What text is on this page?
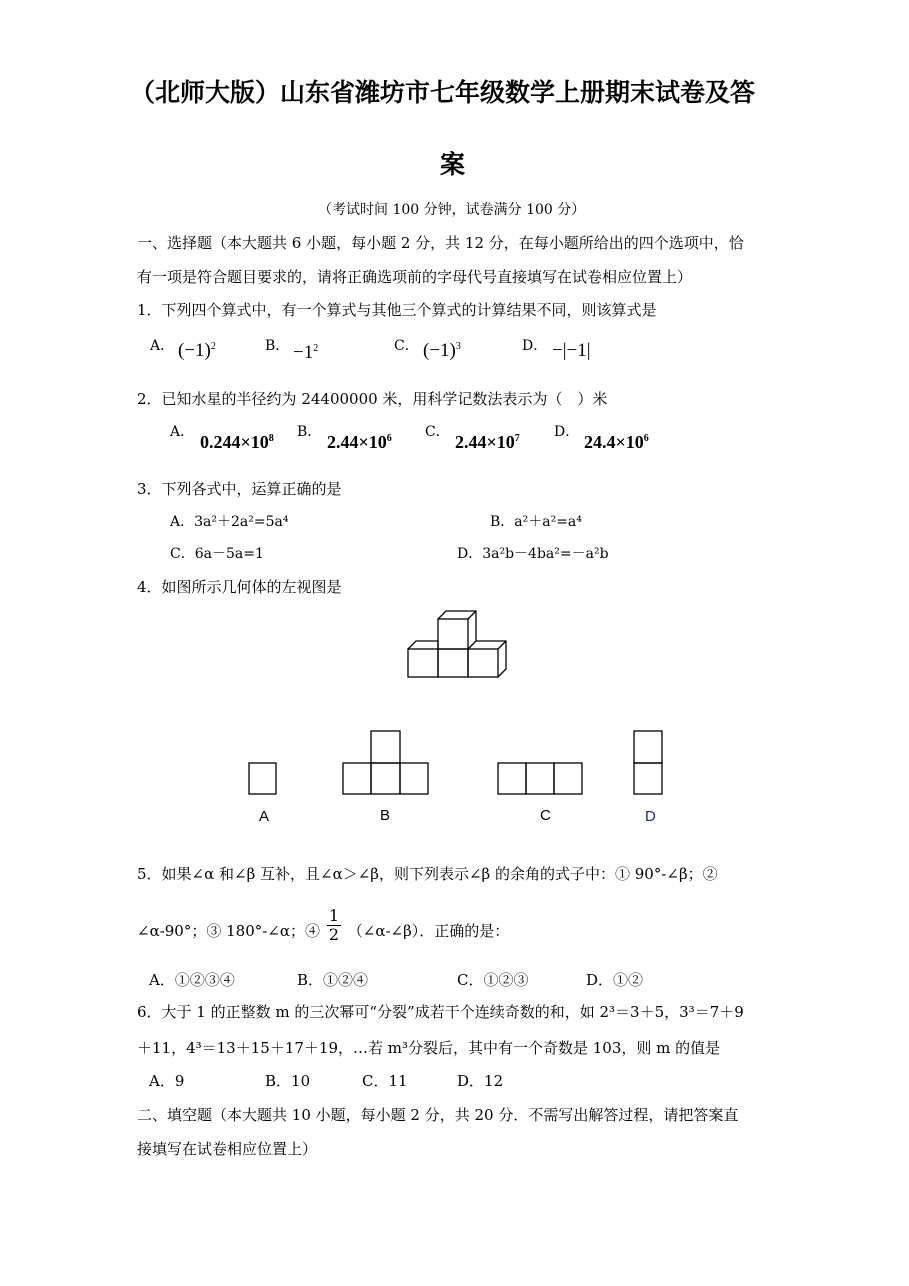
（北师大版）山东省潍坊市七年级数学上册期末试卷及答
案
（考试时间 100 分钟，试卷满分 100 分）
一、选择题（本大题共 6 小题，每小题 2 分，共 12 分，在每小题所给出的四个选项中，恰
有一项是符合题目要求的，请将正确选项前的字母代号直接填写在试卷相应位置上）
1．下列四个算式中，有一个算式与其他三个算式的计算结果不同，则该算式是
A． $(-1)^2$	B． $-1^2$	C． $(-1)^3$	D． −|−1|
2．已知水星的半径约为 24400000 米，用科学记数法表示为（　）米
A． $0.244\times 10^8$ B． $2.44\times 10^6$ C． $2.44\times 10^7$ D． $24.4\times 10^6$
3．下列各式中，运算正确的是
A．3a²＋2a²=5a⁴	B．a²＋a²=a⁴
C．6a－5a=1	D．3a²b－4ba²=－a²b
4．如图所示几何体的左视图是
A	B	C	D
5．如果∠α 和∠β 互补，且∠α＞∠β，则下列表示∠β 的余角的式子中：① 90°-∠β；②
∠α-90°；③ 180°-∠α；④ $\frac{1}{2}$ （∠α-∠β）．正确的是：
A．①②③④	B．①②④	C．①②③	D．①②
6．大于 1 的正整数 m 的三次幂可“分裂”成若干个连续奇数的和，如 2³＝3＋5，3³＝7＋9
＋11，4³＝13＋15＋17＋19，…若 m³分裂后，其中有一个奇数是 103，则 m 的值是
A．9	B．10	C．11	D．12
二、填空题（本大题共 10 小题，每小题 2 分，共 20 分．不需写出解答过程，请把答案直
接填写在试卷相应位置上）
